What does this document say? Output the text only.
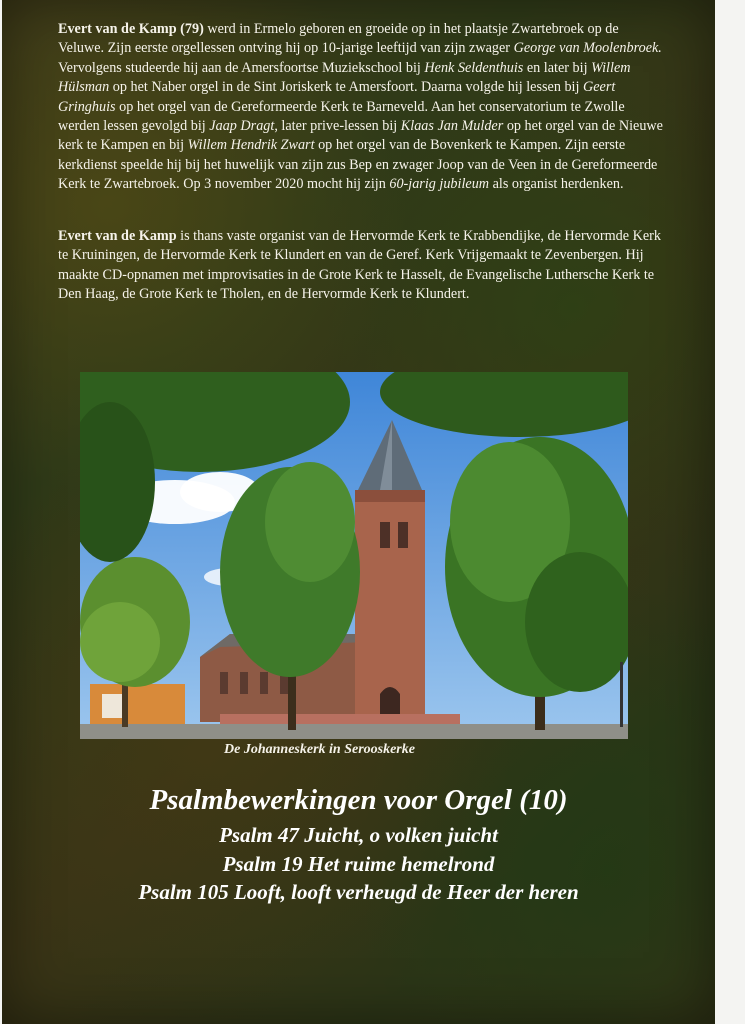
Evert van de Kamp (79) werd in Ermelo geboren en groeide op in het plaatsje Zwartebroek op de Veluwe. Zijn eerste orgellessen ontving hij op 10-jarige leeftijd van zijn zwager George van Moolenbroek. Vervolgens studeerde hij aan de Amersfoortse Muziekschool bij Henk Seldenthuis en later bij Willem Hülsman op het Naber orgel in de Sint Joriskerk te Amersfoort. Daarna volgde hij lessen bij Geert Gringhuis op het orgel van de Gereformeerde Kerk te Barneveld. Aan het conservatorium te Zwolle werden lessen gevolgd bij Jaap Dragt, later prive-lessen bij Klaas Jan Mulder op het orgel van de Nieuwe kerk te Kampen en bij Willem Hendrik Zwart op het orgel van de Bovenkerk te Kampen. Zijn eerste kerkdienst speelde hij bij het huwelijk van zijn zus Bep en zwager Joop van de Veen in de Gereformeerde Kerk te Zwartebroek. Op 3 november 2020 mocht hij zijn 60-jarig jubileum als organist herdenken.
Evert van de Kamp is thans vaste organist van de Hervormde Kerk te Krabbendijke, de Hervormde Kerk te Kruiningen, de Hervormde Kerk te Klundert en van de Geref. Kerk Vrijgemaakt te Zevenbergen. Hij maakte CD-opnamen met improvisaties in de Grote Kerk te Hasselt, de Evangelische Luthersche Kerk te Den Haag, de Grote Kerk te Tholen, en de Hervormde Kerk te Klundert.
De Johanneskerk in Serooskerke
Psalmbewerkingen voor Orgel (10)
Psalm 47 Juicht, o volken juicht
Psalm 19 Het ruime hemelrond
Psalm 105 Looft, looft verheugd de Heer der heren
